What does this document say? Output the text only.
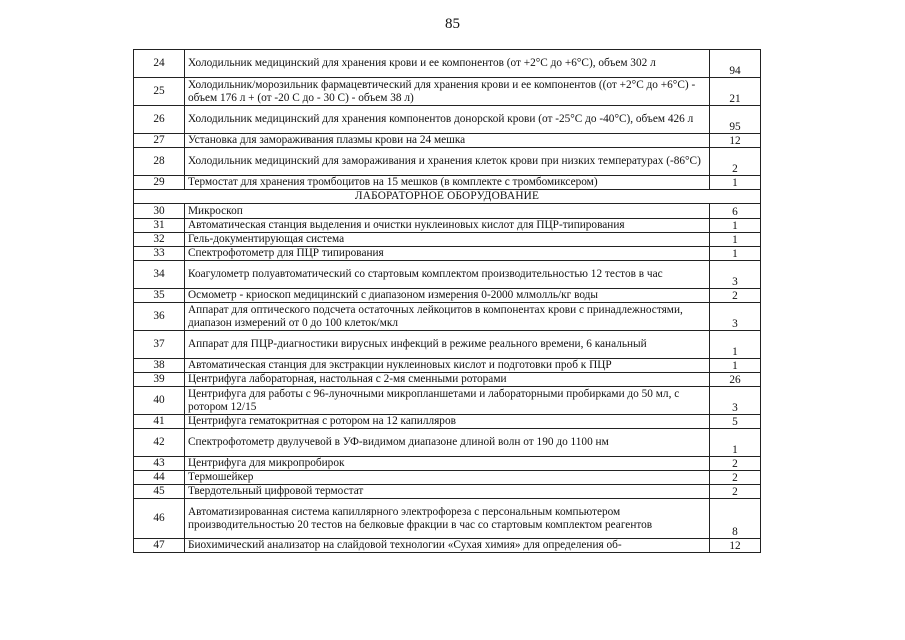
85
24	Холодильник медицинский для хранения крови и ее компонентов (от +2°С до +6°С), объем 302 л	94
25	Холодильник/морозильник фармацевтический для хранения крови и ее компонентов ((от +2°С до +6°С) - объем 176 л + (от -20 С до - 30 С) - объем 38 л)	21
26	Холодильник медицинский для хранения компонентов донорской крови (от -25°С до -40°С), объем 426 л	95
27	Установка для замораживания плазмы крови на 24 мешка	12
28	Холодильник медицинский для замораживания и хранения клеток крови при низких температурах (-86°С)	2
29	Термостат для хранения тромбоцитов на 15 мешков (в комплекте с тромбомиксером)	1
ЛАБОРАТОРНОЕ ОБОРУДОВАНИЕ		
30	Микроскоп	6
31	Автоматическая станция выделения и очистки нуклеиновых кислот для ПЦР-типирования	1
32	Гель-документирующая система	1
33	Спектрофотометр для ПЦР типирования	1
34	Коагулометр полуавтоматический со стартовым комплектом производительностью 12 тестов в час	3
35	Осмометр - криоскоп медицинский с диапазоном измерения 0-2000 млмолль/кг воды	2
36	Аппарат для оптического подсчета остаточных лейкоцитов в компонентах крови с принадлежностями, диапазон измерений от 0 до 100 клеток/мкл	3
37	Аппарат для ПЦР-диагностики вирусных инфекций в режиме реального времени, 6 канальный	1
38	Автоматическая станция для экстракции нуклеиновых кислот и подготовки проб к ПЦР	1
39	Центрифуга лабораторная, настольная с 2-мя сменными роторами	26
40	Центрифуга для работы с 96-луночными микропланшетами и лабораторными пробирками до 50 мл, с ротором 12/15	3
41	Центрифуга гематокритная с ротором на 12 капилляров	5
42	Спектрофотометр двулучевой в УФ-видимом диапазоне длиной волн от 190 до 1100 нм	1
43	Центрифуга для микропробирок	2
44	Термошейкер	2
45	Твердотельный цифровой термостат	2
46	Автоматизированная система капиллярного электрофореза с персональным компьютером производительностью 20 тестов на белковые фракции в час со стартовым комплектом реагентов	8
47	Биохимический анализатор на слайдовой технологии «Сухая химия» для определения об-	12
